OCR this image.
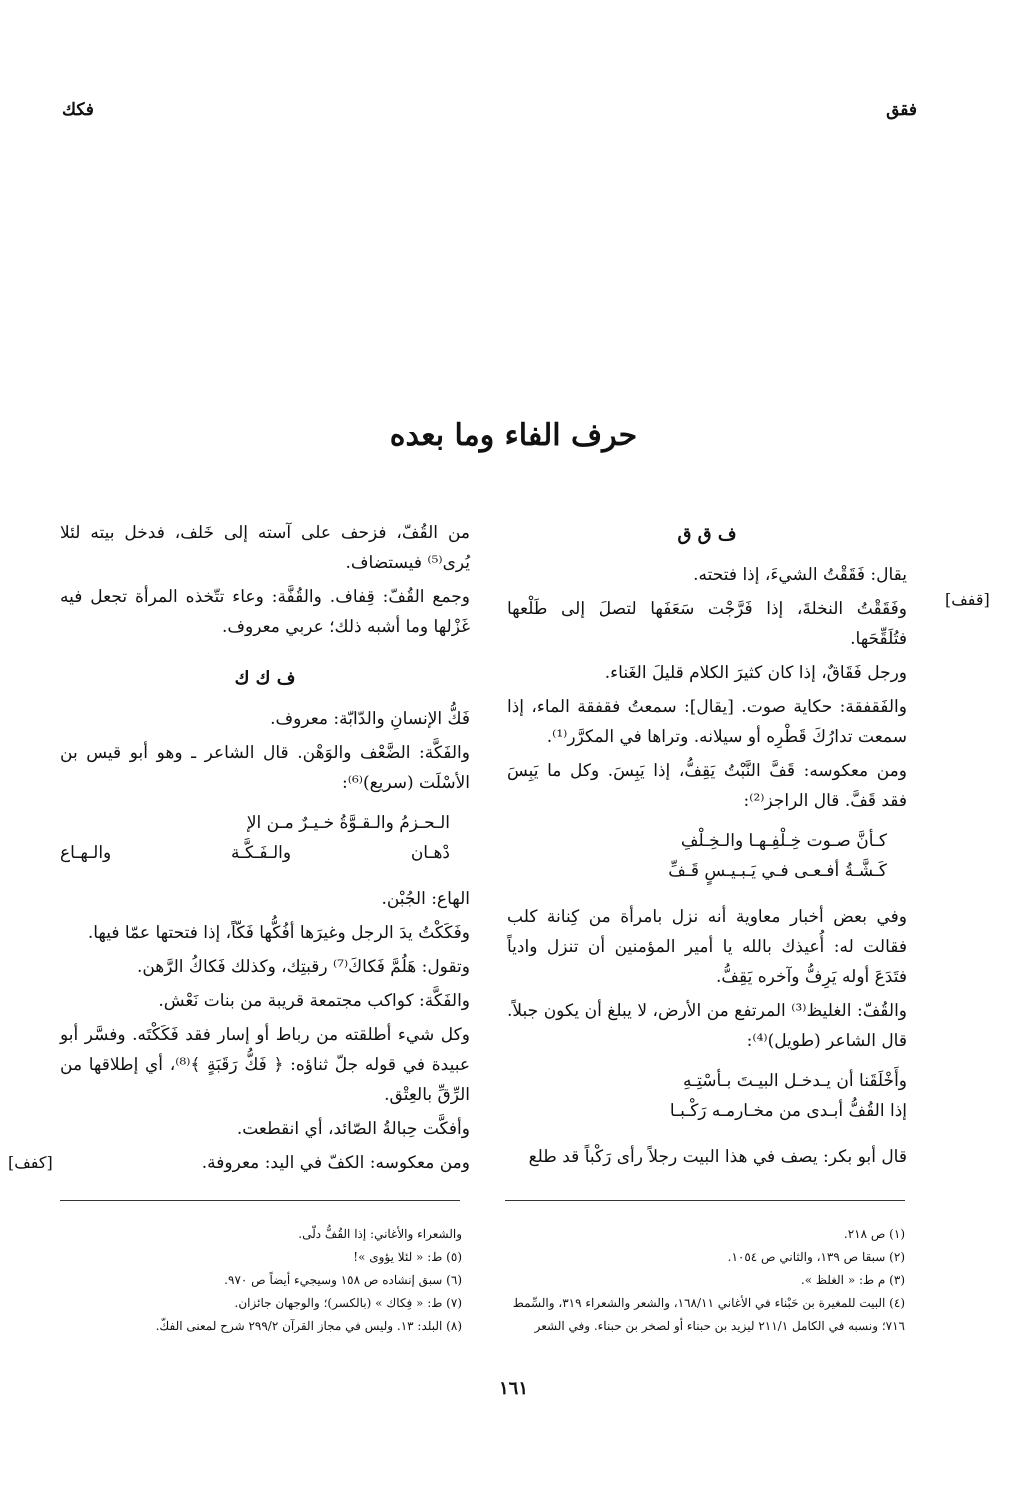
فقق
فكك
حرف الفاء وما بعده
ف ق ق

يقال: فَقَقْتُ الشيءَ، إذا فتحته.

وفَقَقْتُ النخلةَ، إذا فَرَّجْت سَعَفَها لتصلَ إلى طَلْعها فتُلَقِّحَها.

ورجل فَقَاقٌ، إذا كان كثيرَ الكلام قليلَ الغَناء.

والفَقفقة: حكاية صوت. [يقال]: سمعتُ فقفقة الماء، إذا سمعت تدارُكَ قَطْرِه أو سيلانه. وتراها في المكرَّر⁽¹⁾.

ومن معكوسه: قَفَّ النَّبْتُ يَقِفُّ، إذا يَبِسَ. وكل ما يَبِسَ فقد قَفَّ. قال الراجز⁽²⁾:

كـأنَّ صـوت خِـلْفِـهـا والـخِـلْفِ
كَـشَّـةُ أفـعـى فـي يَـبـيـسٍ قَـفِّ

وفي بعض أخبار معاوية أنه نزل بامرأة من كِنانة كلب فقالت له: أُعيذك بالله يا أمير المؤمنين أن تنزل وادياً فتَدَعَ أوله يَرِفُّ وآخره يَقِفُّ.

والقُفّ: الغليظ⁽³⁾ المرتفع من الأرض، لا يبلغ أن يكون جبلاً. قال الشاعر (طويل)⁽⁴⁾:

وأَخْلَقَنا أن يـدخـل البيـتَ بـأسْتِـهِ
إذا القُفُّ أبـدى من مخـارمـه رَكْـبـا

قال أبو بكر: يصف في هذا البيت رجلاً رأى رَكْباً قد طلع

من القُفّ، فزحف على آسته إلى خَلف، فدخل بيته لئلا يُرى⁽⁵⁾ فيستضاف.

وجمع القُفّ: قِفاف. والقُفَّة: وعاء تتّخذه المرأة تجعل فيه غَزْلها وما أشبه ذلك؛ عربي معروف.

ف ك ك

فَكُّ الإنسانِ والدّابّة: معروف.

والفَكَّة: الضَّعْف والوَهْن. قال الشاعر ـ وهو أبو قيس بن الأسْلَت (سريع)⁽⁶⁾:

الـحـزمُ والـقـوَّةُ خـيـرٌ مـن الإ
دْهـان
والـفَـكَّـة
والـهـاع

الهاع: الجُبْن.

وفَكَكْتُ يدَ الرجل وغيرَها أفُكُّها فَكّاً، إذا فتحتها عمّا فيها.

وتقول: هَلُمَّ فَكاكَ⁽⁷⁾ رقبتِك، وكذلك فَكاكُ الرَّهن.

والفَكَّة: كواكب مجتمعة قريبة من بنات نَعْش.

وكل شيء أطلقته من رباط أو إسار فقد فَكَكْتَه. وفسَّر أبو عبيدة في قوله جلّ ثناؤه: ﴿ فَكُّ رَقَبَةٍ ﴾⁽⁸⁾، أي إطلاقها من الرِّقِّ بالعِتْق.

وأفكَّت حِبالةُ الصّائد، أي انقطعت.

ومن معكوسه: الكفّ في اليد: معروفة.

[قفف]
[كفف]
(١) ص ٢١٨.
(٢) سبقا ص ١٣٩، والثاني ص ١٠٥٤.
(٣) م ط: « الغلظ ».
(٤) البيت للمغيرة بن حَبْناء في الأغاني ١٦٨/١١، والشعر والشعراء ٣١٩، والسِّمط
٧١٦؛ ونسبه في الكامل ٢١١/١ ليزيد بن حبناء أو لصخر بن حبناء. وفي الشعر
والشعراء والأغاني: إذا القُفُّ دلّى.
(٥) ط: « لئلا يؤوى »!
(٦) سبق إنشاده ص ١٥٨ وسيجيء أيضاً ص ٩٧٠.
(٧) ط: « فِكاك » (بالكسر)؛ والوجهان جائزان.
(٨) البلد: ١٣. وليس في مجاز القرآن ٢٩٩/٢ شرح لمعنى الفكّ.
١٦١
